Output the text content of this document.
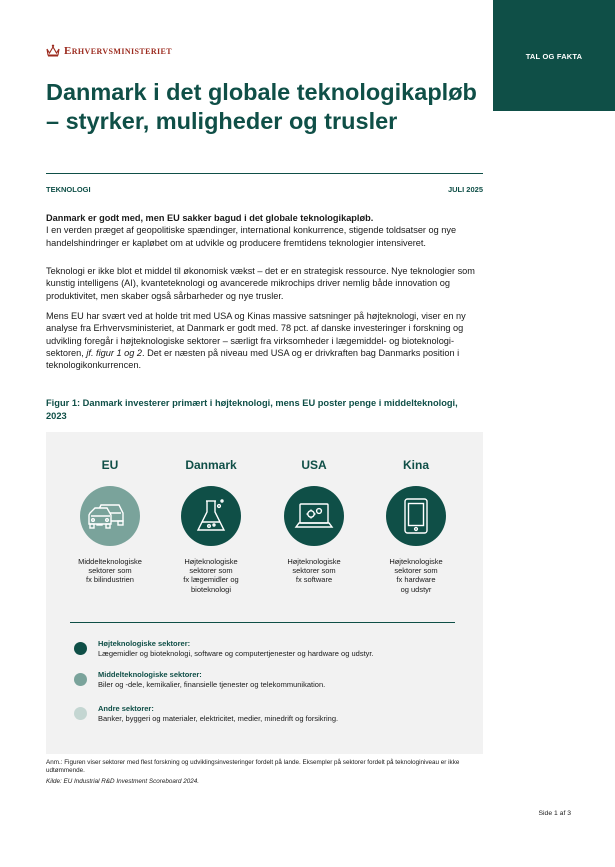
TAL OG FAKTA
Erhvervsministeriet
Danmark i det globale teknologikapløb – styrker, muligheder og trusler
TEKNOLOGI	JULI 2025

Danmark er godt med, men EU sakker bagud i det globale teknologikapløb.
I en verden præget af geopolitiske spændinger, international konkurrence, stigende toldsatser og nye handelshindringer er kapløbet om at udvikle og producere fremtidens teknologier intensiveret.

Teknologi er ikke blot et middel til økonomisk vækst – det er en strategisk ressource. Nye teknologier som kunstig intelligens (AI), kvanteteknologi og avancerede mikrochips driver nemlig både innovation og produktivitet, men skaber også sårbarheder og nye trusler.

Mens EU har svært ved at holde trit med USA og Kinas massive satsninger på højteknologi, viser en ny analyse fra Erhvervsministeriet, at Danmark er godt med. 78 pct. af danske investeringer i forskning og udvikling foregår i højteknologiske sektorer – særligt fra virksomheder i lægemiddel- og bioteknologi-sektoren, jf. figur 1 og 2. Det er næsten på niveau med USA og er drivkraften bag Danmarks position i teknologikonkurrencen.

Figur 1: Danmark investerer primært i højteknologi, mens EU poster penge i middelteknologi, 2023

EU
Middelteknologiske
sektorer som
fx bilindustrien
Danmark
Højteknologiske
sektorer som
fx lægemidler og
bioteknologi
USA
Højteknologiske
sektorer som
fx software
Kina
Højteknologiske
sektorer som
fx hardware
og udstyr
Højteknologiske sektorer:
Lægemidler og bioteknologi, software og computertjenester og hardware og udstyr.
Middelteknologiske sektorer:
Biler og -dele, kemikalier, finansielle tjenester og telekommunikation.
Andre sektorer:
Banker, byggeri og materialer, elektricitet, medier, minedrift og forsikring.

Anm.: Figuren viser sektorer med flest forskning og udviklingsinvesteringer fordelt på lande. Eksempler på sektorer fordelt på teknologiniveau er ikke udtømmende.

Kilde: EU Industrial R&D Investment Scoreboard 2024.

Side 1 af 3
